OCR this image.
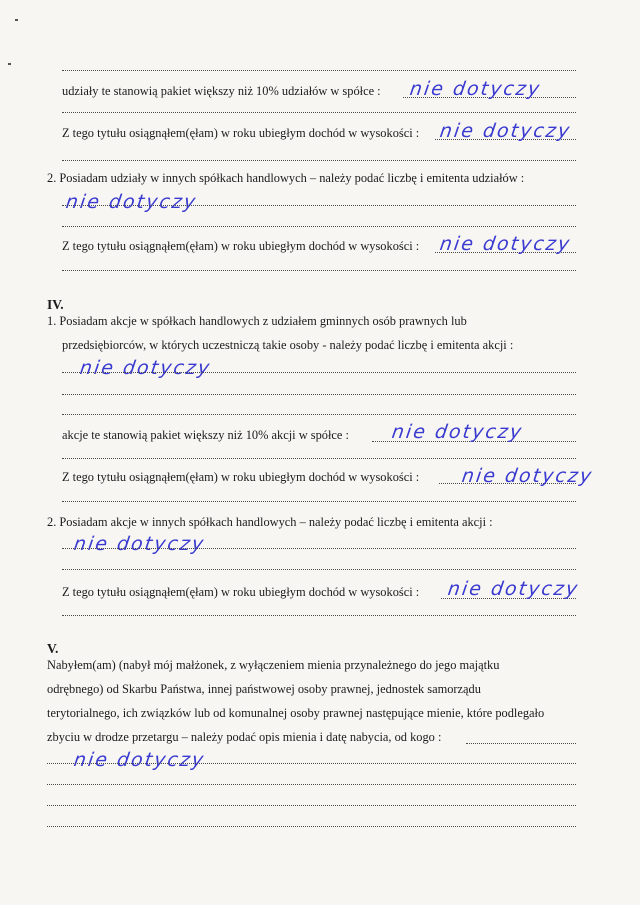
udziały te stanowią pakiet większy niż 10% udziałów w spółce : nie dotyczy
Z tego tytułu osiągnąłem(ęłam) w roku ubiegłym dochód w wysokości : nie dotyczy
2. Posiadam udziały w innych spółkach handlowych – należy podać liczbę i emitenta udziałów :
nie dotyczy
Z tego tytułu osiągnąłem(ęłam) w roku ubiegłym dochód w wysokości : nie dotyczy
IV.
1. Posiadam akcje w spółkach handlowych z udziałem gminnych osób prawnych lub
przedsiębiorców, w których uczestniczą takie osoby - należy podać liczbę i emitenta akcji :
nie dotyczy
akcje te stanowią pakiet większy niż 10% akcji w spółce : nie dotyczy
Z tego tytułu osiągnąłem(ęłam) w roku ubiegłym dochód w wysokości : nie dotyczy
2. Posiadam akcje w innych spółkach handlowych – należy podać liczbę i emitenta akcji :
nie dotyczy
Z tego tytułu osiągnąłem(ęłam) w roku ubiegłym dochód w wysokości : nie dotyczy
V.
Nabyłem(am) (nabył mój małżonek, z wyłączeniem mienia przynależnego do jego majątku
odrębnego) od Skarbu Państwa, innej państwowej osoby prawnej, jednostek samorządu
terytorialnego, ich związków lub od komunalnej osoby prawnej następujące mienie, które podlegało
zbyciu w drodze przetargu – należy podać opis mienia i datę nabycia, od kogo :
nie dotyczy
